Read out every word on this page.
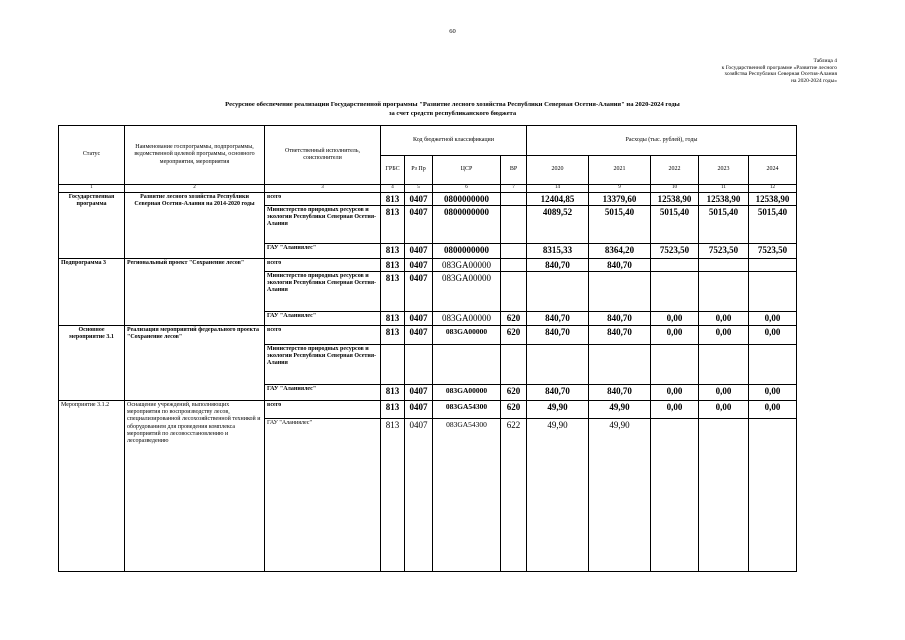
60
Таблица 4
к Государственной программе «Развитие лесного
хозяйства Республики Северная Осетия-Алания
на 2020-2024 годы»
Ресурсное обеспечение реализации Государственной программы "Развитие лесного хозяйства Республики Северная Осетия-Алания" на 2020-2024 годы
за счет средств республиканского бюджета
Статус	Наименование госпрограммы, подпрограммы, ведомственной целевой программы, основного мероприятия, мероприятия	Ответственный исполнитель, соисполнители	Код бюджетной классификации				Расходы (тыс. рублей), годы				
			ГРБС	Рз Пр	ЦСР	ВР	2020	2021	2022	2023	2024
1	2	3	4	5	6	7	14	9	10	11	12
Государственная программа	Развитие лесного хозяйства Республики Северная Осетия-Алания на 2014-2020 годы	всего	813	0407	0800000000		12404,85	13379,60	12538,90	12538,90	12538,90
		Министерство природных ресурсов и экологии Республики Северная Осетия-Алания	813	0407	0800000000		4089,52	5015,40	5015,40	5015,40	5015,40
		ГАУ "Аланиялес"	813	0407	0800000000		8315,33	8364,20	7523,50	7523,50	7523,50
Подпрограмма 3	Региональный проект "Сохранение лесов"	всего	813	0407	083GA00000		840,70	840,70			
		Министерство природных ресурсов и экологии Республики Северная Осетия-Алания	813	0407	083GA00000						
		ГАУ "Аланиялес"	813	0407	083GA00000	620	840,70	840,70	0,00	0,00	0,00
Основное мероприятие 3.1	Реализация мероприятий федерального проекта "Сохранение лесов"	всего	813	0407	083GA00000	620	840,70	840,70	0,00	0,00	0,00
		Министерство природных ресурсов и экологии Республики Северная Осетия-Алания									
		ГАУ "Аланиялес"	813	0407	083GA00000	620	840,70	840,70	0,00	0,00	0,00
Мероприятие 3.1.2	Оснащение учреждений, выполняющих мероприятия по воспроизводству лесов, специализированной лесохозяйственной техникой и оборудованием для проведения комплекса мероприятий по лесовосстановлению и лесоразведению	всего	813	0407	083GA54300	620	49,90	49,90	0,00	0,00	0,00
		ГАУ "Аланиялес"	813	0407	083GA54300	622	49,90	49,90			
